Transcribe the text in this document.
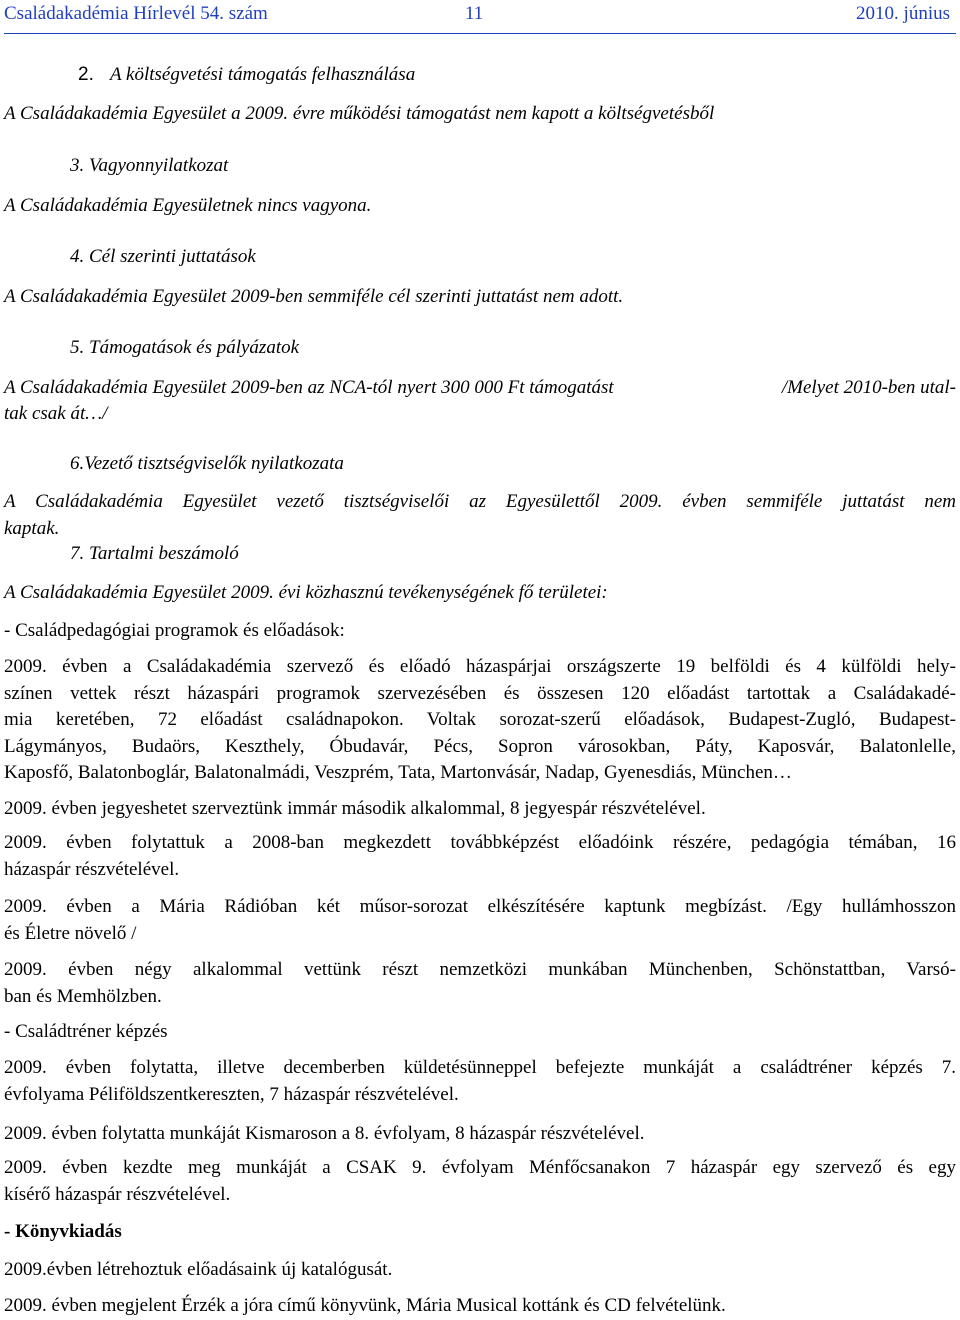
Családakadémia Hírlevél 54. szám	11	2010. június
2. A költségvetési támogatás felhasználása
A Családakadémia Egyesület a 2009. évre működési támogatást nem kapott a költségvetésből
3. Vagyonnyilatkozat
A Családakadémia Egyesületnek nincs vagyona.
4. Cél szerinti juttatások
A Családakadémia Egyesület 2009-ben semmiféle cél szerinti juttatást nem adott.
5. Támogatások és pályázatok
A Családakadémia Egyesület 2009-ben az NCA-tól nyert 300 000 Ft támogatást	/Melyet 2010-ben utal-
tak csak át…/
6.Vezető tisztségviselők nyilatkozata
A Családakadémia Egyesület vezető tisztségviselői az Egyesülettől 2009. évben semmiféle juttatást nem
kaptak.
7. Tartalmi beszámoló
A Családakadémia Egyesület 2009. évi közhasznú tevékenységének fő területei:
- Családpedagógiai programok és előadások:
2009. évben a Családakadémia szervező és előadó házaspárjai országszerte 19 belföldi és 4 külföldi hely-
színen vettek részt házaspári programok szervezésében és összesen 120 előadást tartottak a Családakadé-
mia keretében, 72 előadást családnapokon. Voltak sorozat-szerű előadások, Budapest-Zugló, Budapest-
Lágymányos, Budaörs, Keszthely, Óbudavár, Pécs, Sopron városokban, Páty, Kaposvár, Balatonlelle,
Kaposfő, Balatonboglár, Balatonalmádi, Veszprém, Tata, Martonvásár, Nadap, Gyenesdiás, München…
2009. évben jegyeshetet szerveztünk immár második alkalommal, 8 jegyespár részvételével.
2009. évben folytattuk a 2008-ban megkezdett továbbképzést előadóink részére, pedagógia témában, 16
házaspár részvételével.
2009. évben a Mária Rádióban két műsor-sorozat elkészítésére kaptunk megbízást. /Egy hullámhosszon
és Életre növelő /
2009. évben négy alkalommal vettünk részt nemzetközi munkában Münchenben, Schönstattban, Varsó-
ban és Memhölzben.
- Családtréner képzés
2009. évben folytatta, illetve decemberben küldetésünneppel befejezte munkáját a családtréner képzés 7.
évfolyama Péliföldszentkereszten, 7 házaspár részvételével.
2009. évben folytatta munkáját Kismaroson a 8. évfolyam, 8 házaspár részvételével.
2009. évben kezdte meg munkáját a CSAK 9. évfolyam Ménfőcsanakon 7 házaspár egy szervező és egy
kísérő házaspár részvételével.
- Könyvkiadás
2009.évben létrehoztuk előadásaink új katalógusát.
2009. évben megjelent Érzék a jóra című könyvünk, Mária Musical kottánk és CD felvételünk.
